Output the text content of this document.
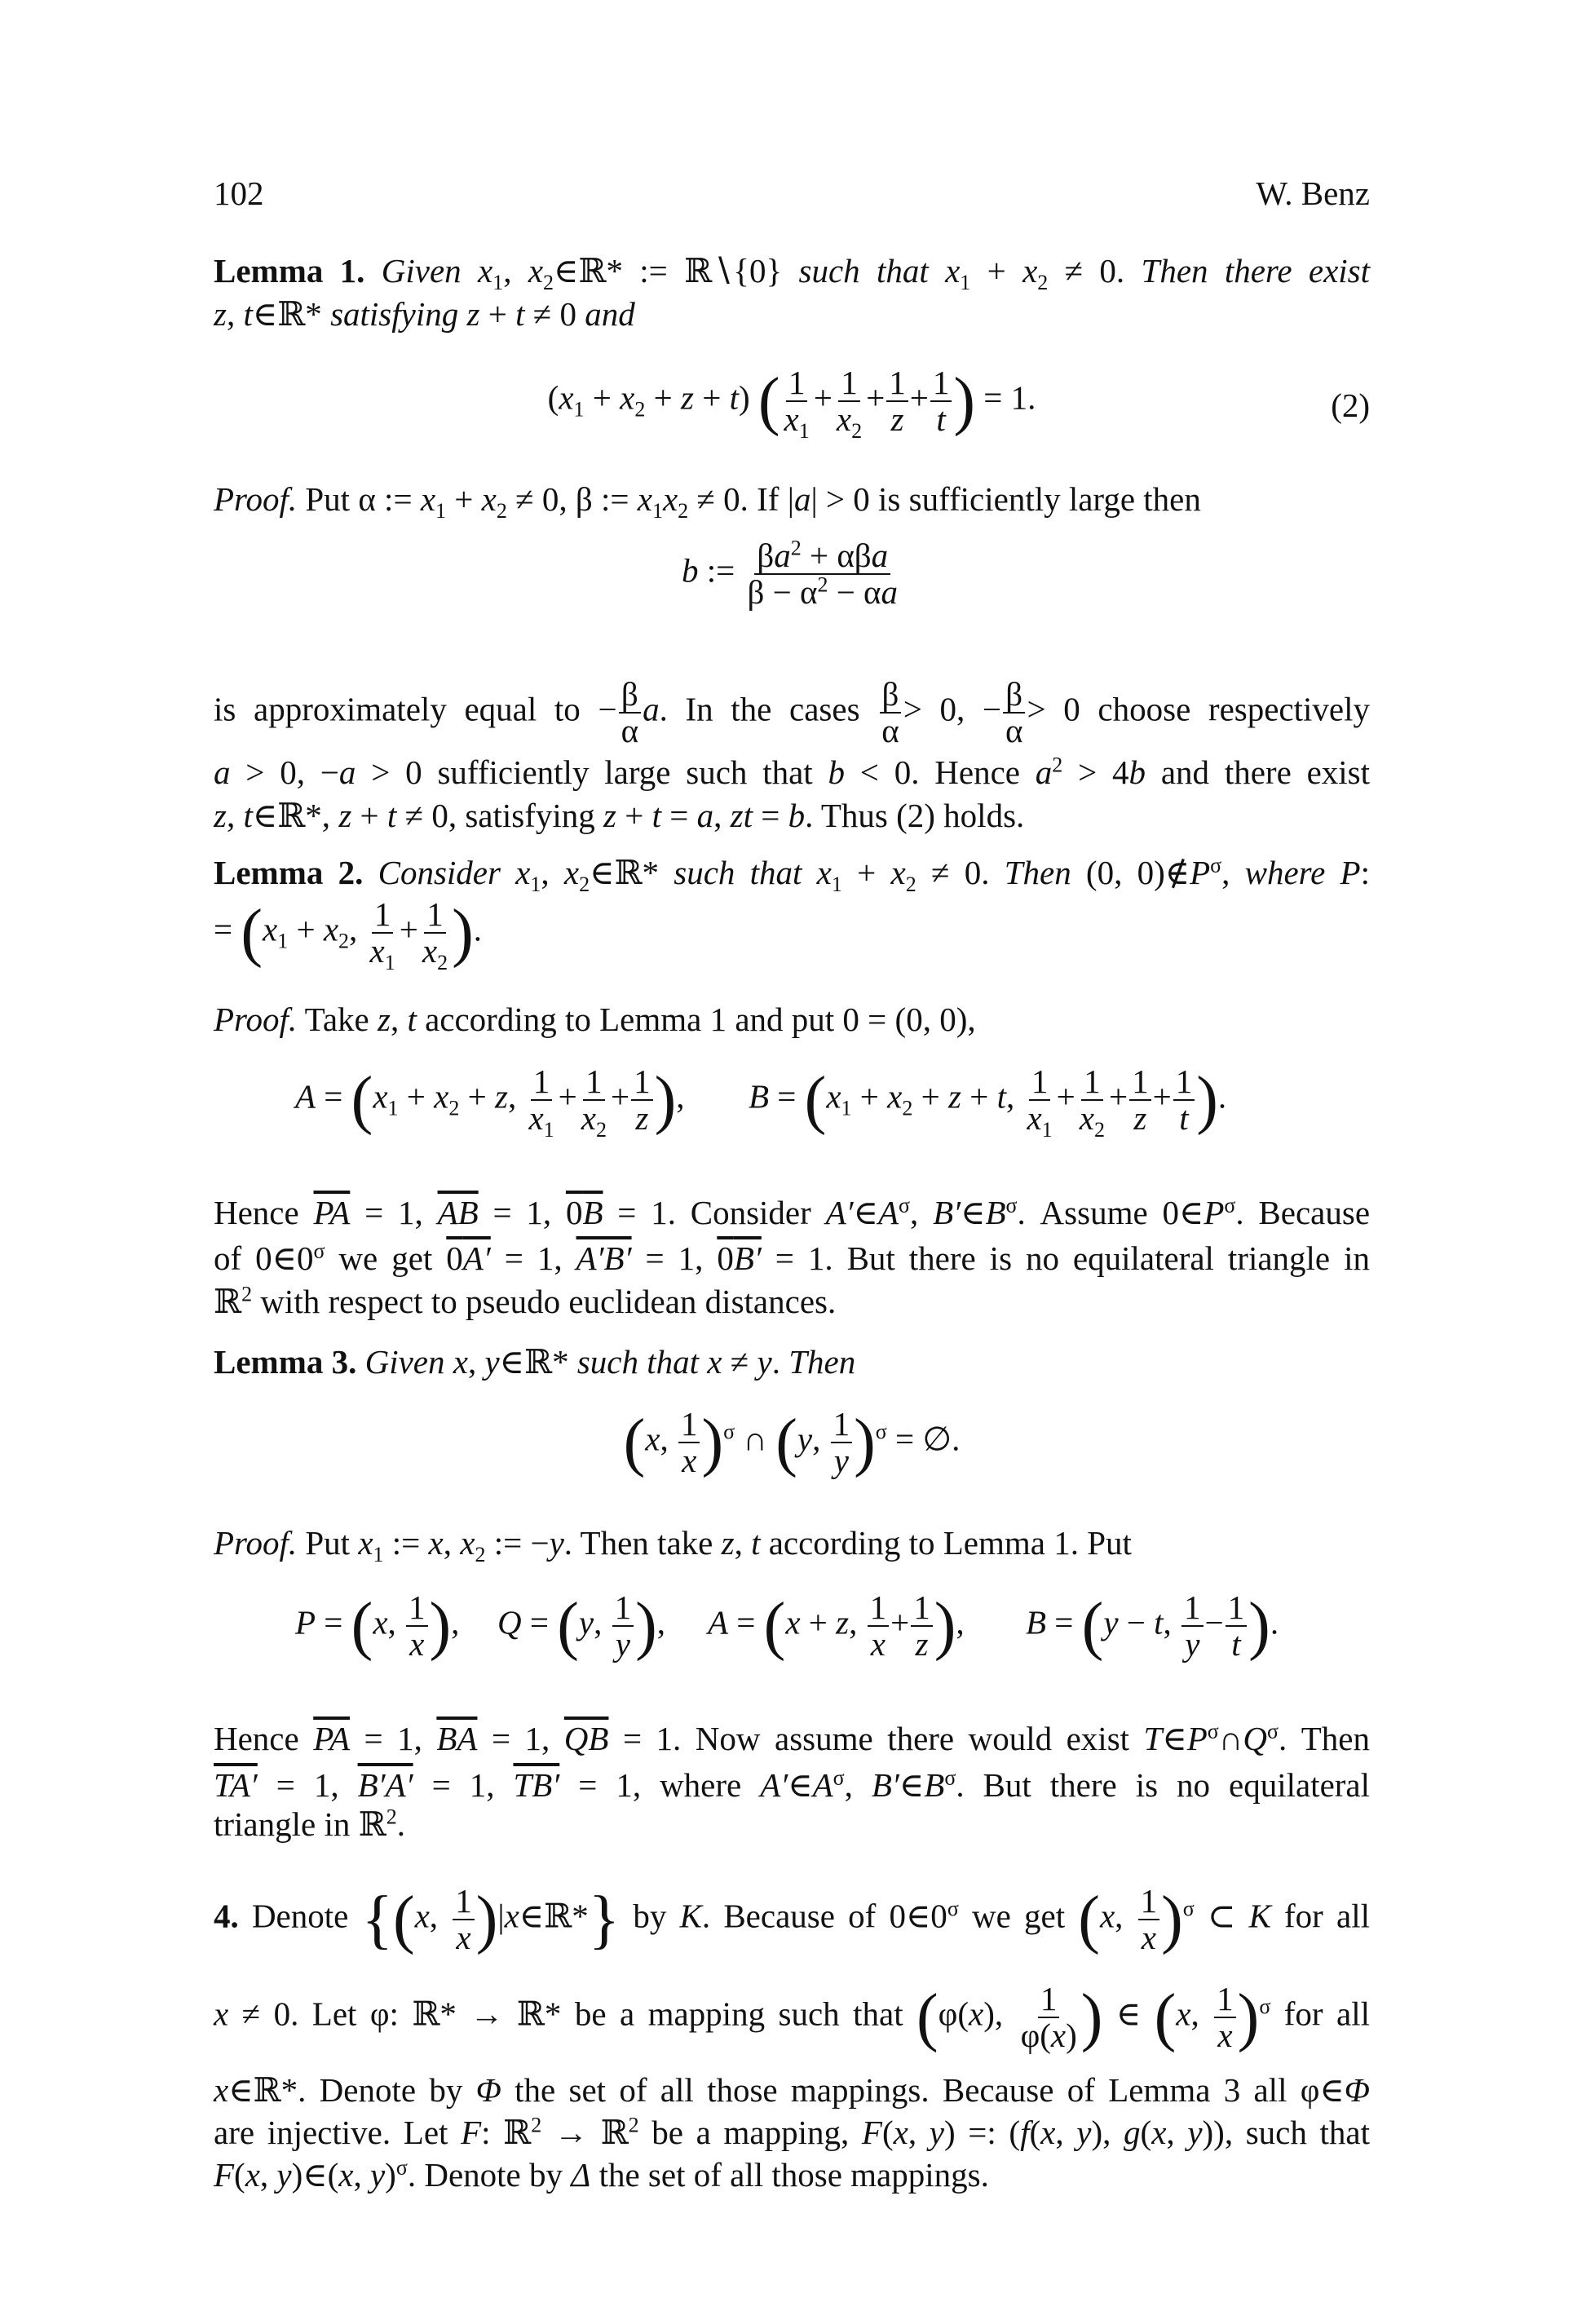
102	W. Benz
Lemma 1. Given $x_1$, $x_2\in ℝ*$ := ℝ∖{0} such that $x_1 + x_2 \ne 0$. Then there exist
z, t∈ℝ* satisfying z + t ≠ 0 and
$(x_1 + x_2 + z + t)$ ( $\frac{1}{x_1} + \frac{1}{x_2} + \frac{1}{z} + \frac{1}{t}$ ) = 1.	(2)
Proof. Put α := $x_1 + x_2 \ne 0$, β := $x_1x_2 \ne 0$. If |a| > 0 is sufficiently large then
b := $\frac{\beta a^2 + \alpha\beta a}{\beta - \alpha^2 - \alpha a}$
is approximately equal to − $\frac{\beta}{\alpha} a$. In the cases $\frac{\beta}{\alpha} > 0$, − $\frac{\beta}{\alpha} > 0$ choose respectively
a > 0, −a > 0 sufficiently large such that b < 0. Hence $a^2 > 4b$ and there exist
z, t∈ℝ*, z + t ≠ 0, satisfying z + t = a, zt = b. Thus (2) holds.
Lemma 2. Consider $x_1$, $x_2\in ℝ*$ such that $x_1 + x_2 \ne 0$. Then (0, $0)\notin P^\sigma$, where P:
= ($x_1 + x_2$, $\frac{1}{x_1} + \frac{1}{x_2}$ ).
Proof. Take z, t according to Lemma 1 and put 0 = (0, 0),
$A = (x_1 + x_2 + z$, $\frac{1}{x_1} + \frac{1}{x_2} + \frac{1}{z}$ ), $B = (x_1 + x_2 + z + t$, $\frac{1}{x_1} + \frac{1}{x_2} + \frac{1}{z} + \frac{1}{t}$ ).
Hence $\overline{PA} = 1$, $\overline{AB} = 1$, 0B = 1. Consider $A'\in A^\sigma$, $B'\in B^\sigma$. Assume $0\in P^\sigma$. Because
of $0\in 0^\sigma$ we get 0A′ = 1, A′B′ = 1, 0B′ = 1. But there is no equilateral triangle in
ℝ$^2$ with respect to pseudo euclidean distances.
Lemma 3. Given x, y∈ℝ* such that x ≠ y. Then
(x, $\frac{1}{x} )^\sigma$ ∩ (y, $\frac{1}{y} )^\sigma$ = ∅.
Proof. Put $x_1$ := x, $x_2$ := −y. Then take z, t according to Lemma 1. Put
P = (x, $\frac{1}{x}$ ), Q = (y, $\frac{1}{y}$ ), A = (x + z, $\frac{1}{x} + \frac{1}{z}$ ), B = (y − t, $\frac{1}{y} - \frac{1}{t}$ ).
Hence $\overline{PA} = 1$, $\overline{BA} = 1$, $\overline{QB} = 1$. Now assume there would exist $T\in P^\sigma\cap Q^\sigma$. Then
TA′ = 1, B′A′ = 1, TB′ = 1, where $A'\in A^\sigma$, $B'\in B^\sigma$. But there is no equilateral
triangle in ℝ$^2$.
4. Denote {(x, $\frac{1}{x}$ )|x∈ℝ*} by K. Because of $0\in 0^\sigma$ we get (x, $\frac{1}{x} )^\sigma$ ⊂ K for all
x ≠ 0. Let φ: ℝ* → ℝ* be a mapping such that (φ(x), $\frac{1}{\varphi(x)}$ ) ∈ (x, $\frac{1}{x} )^\sigma$ for all
x∈ℝ*. Denote by Φ the set of all those mappings. Because of Lemma 3 all φ∈Φ
are injective. Let F: ℝ$^2$ → ℝ$^2$ be a mapping, F(x, y) =: (f(x, y), g(x, y)), such that
F(x, y)∈(x, y)$^\sigma$. Denote by Δ the set of all those mappings.
